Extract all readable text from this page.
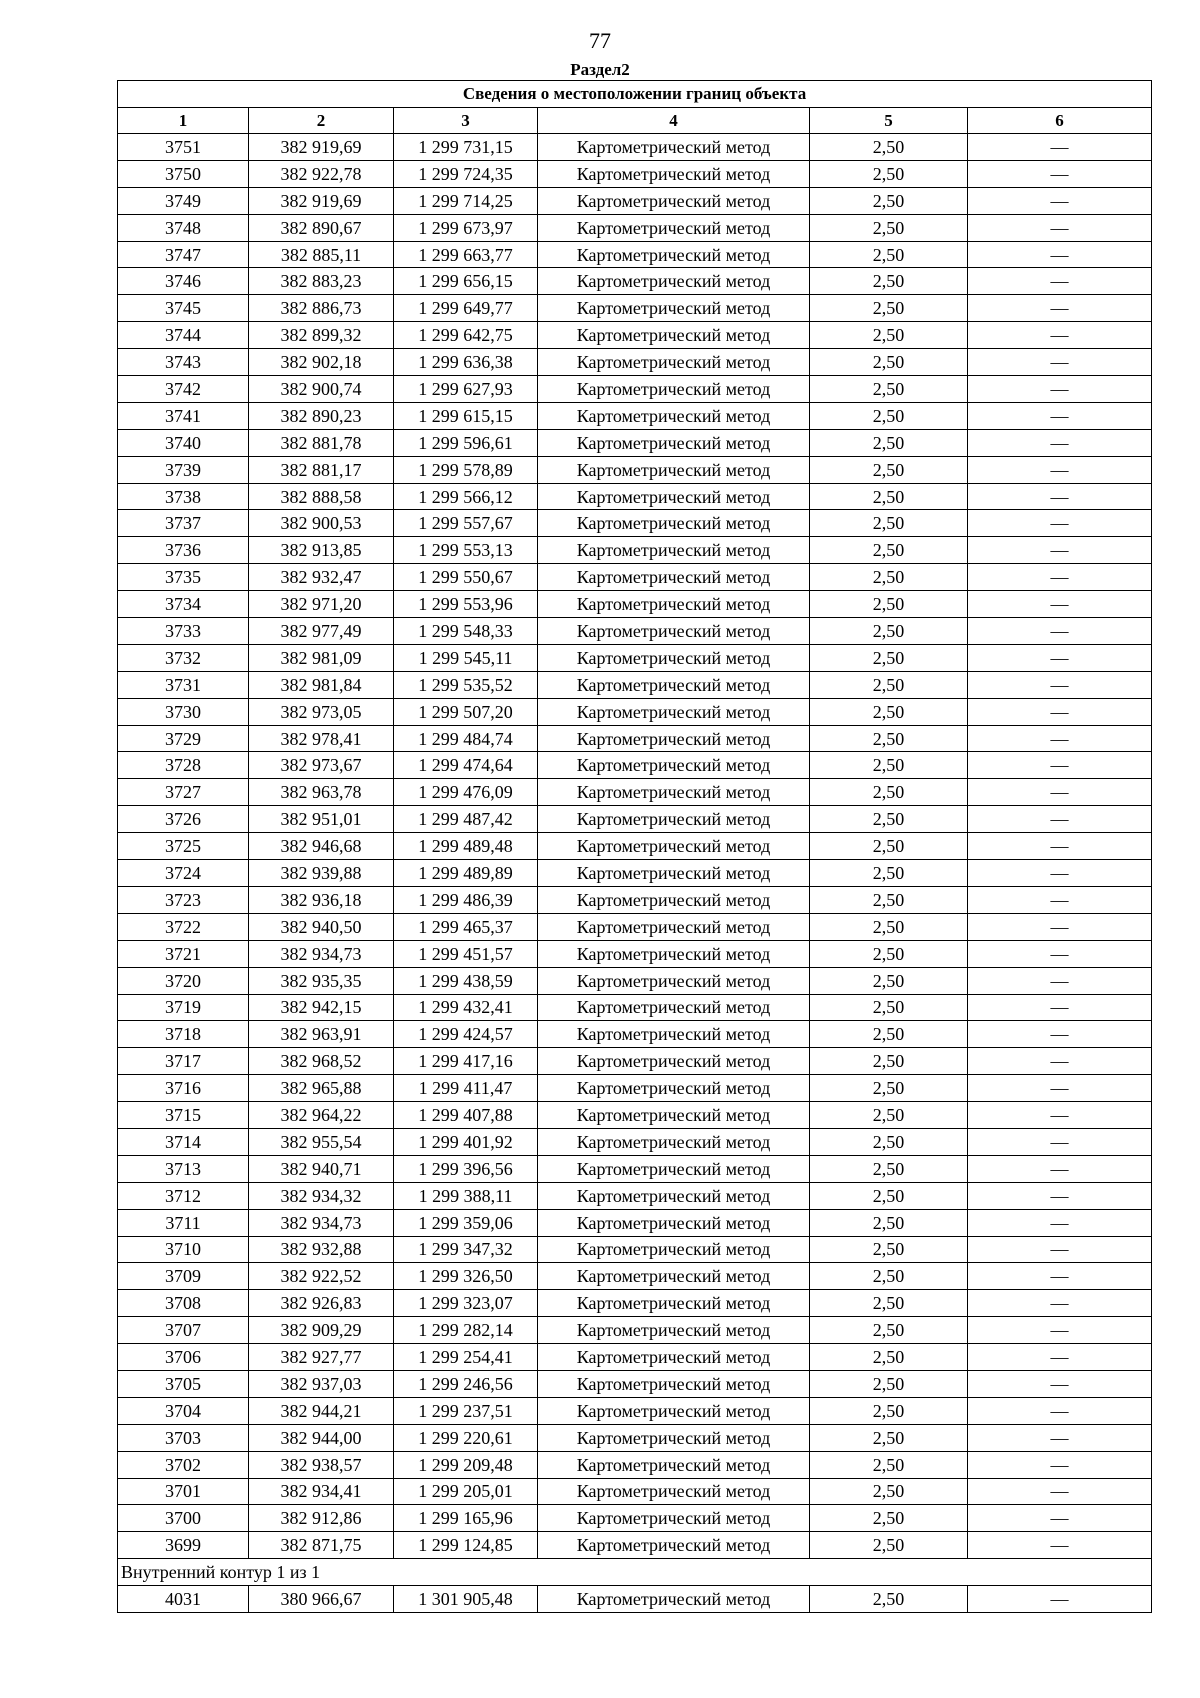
77
Раздел2
Сведения о местоположении границ объекта					
1	2	3	4	5	6
3751	382 919,69	1 299 731,15	Картометрический метод	2,50	—
3750	382 922,78	1 299 724,35	Картометрический метод	2,50	—
3749	382 919,69	1 299 714,25	Картометрический метод	2,50	—
3748	382 890,67	1 299 673,97	Картометрический метод	2,50	—
3747	382 885,11	1 299 663,77	Картометрический метод	2,50	—
3746	382 883,23	1 299 656,15	Картометрический метод	2,50	—
3745	382 886,73	1 299 649,77	Картометрический метод	2,50	—
3744	382 899,32	1 299 642,75	Картометрический метод	2,50	—
3743	382 902,18	1 299 636,38	Картометрический метод	2,50	—
3742	382 900,74	1 299 627,93	Картометрический метод	2,50	—
3741	382 890,23	1 299 615,15	Картометрический метод	2,50	—
3740	382 881,78	1 299 596,61	Картометрический метод	2,50	—
3739	382 881,17	1 299 578,89	Картометрический метод	2,50	—
3738	382 888,58	1 299 566,12	Картометрический метод	2,50	—
3737	382 900,53	1 299 557,67	Картометрический метод	2,50	—
3736	382 913,85	1 299 553,13	Картометрический метод	2,50	—
3735	382 932,47	1 299 550,67	Картометрический метод	2,50	—
3734	382 971,20	1 299 553,96	Картометрический метод	2,50	—
3733	382 977,49	1 299 548,33	Картометрический метод	2,50	—
3732	382 981,09	1 299 545,11	Картометрический метод	2,50	—
3731	382 981,84	1 299 535,52	Картометрический метод	2,50	—
3730	382 973,05	1 299 507,20	Картометрический метод	2,50	—
3729	382 978,41	1 299 484,74	Картометрический метод	2,50	—
3728	382 973,67	1 299 474,64	Картометрический метод	2,50	—
3727	382 963,78	1 299 476,09	Картометрический метод	2,50	—
3726	382 951,01	1 299 487,42	Картометрический метод	2,50	—
3725	382 946,68	1 299 489,48	Картометрический метод	2,50	—
3724	382 939,88	1 299 489,89	Картометрический метод	2,50	—
3723	382 936,18	1 299 486,39	Картометрический метод	2,50	—
3722	382 940,50	1 299 465,37	Картометрический метод	2,50	—
3721	382 934,73	1 299 451,57	Картометрический метод	2,50	—
3720	382 935,35	1 299 438,59	Картометрический метод	2,50	—
3719	382 942,15	1 299 432,41	Картометрический метод	2,50	—
3718	382 963,91	1 299 424,57	Картометрический метод	2,50	—
3717	382 968,52	1 299 417,16	Картометрический метод	2,50	—
3716	382 965,88	1 299 411,47	Картометрический метод	2,50	—
3715	382 964,22	1 299 407,88	Картометрический метод	2,50	—
3714	382 955,54	1 299 401,92	Картометрический метод	2,50	—
3713	382 940,71	1 299 396,56	Картометрический метод	2,50	—
3712	382 934,32	1 299 388,11	Картометрический метод	2,50	—
3711	382 934,73	1 299 359,06	Картометрический метод	2,50	—
3710	382 932,88	1 299 347,32	Картометрический метод	2,50	—
3709	382 922,52	1 299 326,50	Картометрический метод	2,50	—
3708	382 926,83	1 299 323,07	Картометрический метод	2,50	—
3707	382 909,29	1 299 282,14	Картометрический метод	2,50	—
3706	382 927,77	1 299 254,41	Картометрический метод	2,50	—
3705	382 937,03	1 299 246,56	Картометрический метод	2,50	—
3704	382 944,21	1 299 237,51	Картометрический метод	2,50	—
3703	382 944,00	1 299 220,61	Картометрический метод	2,50	—
3702	382 938,57	1 299 209,48	Картометрический метод	2,50	—
3701	382 934,41	1 299 205,01	Картометрический метод	2,50	—
3700	382 912,86	1 299 165,96	Картометрический метод	2,50	—
3699	382 871,75	1 299 124,85	Картометрический метод	2,50	—
Внутренний контур 1 из 1					
4031	380 966,67	1 301 905,48	Картометрический метод	2,50	—
